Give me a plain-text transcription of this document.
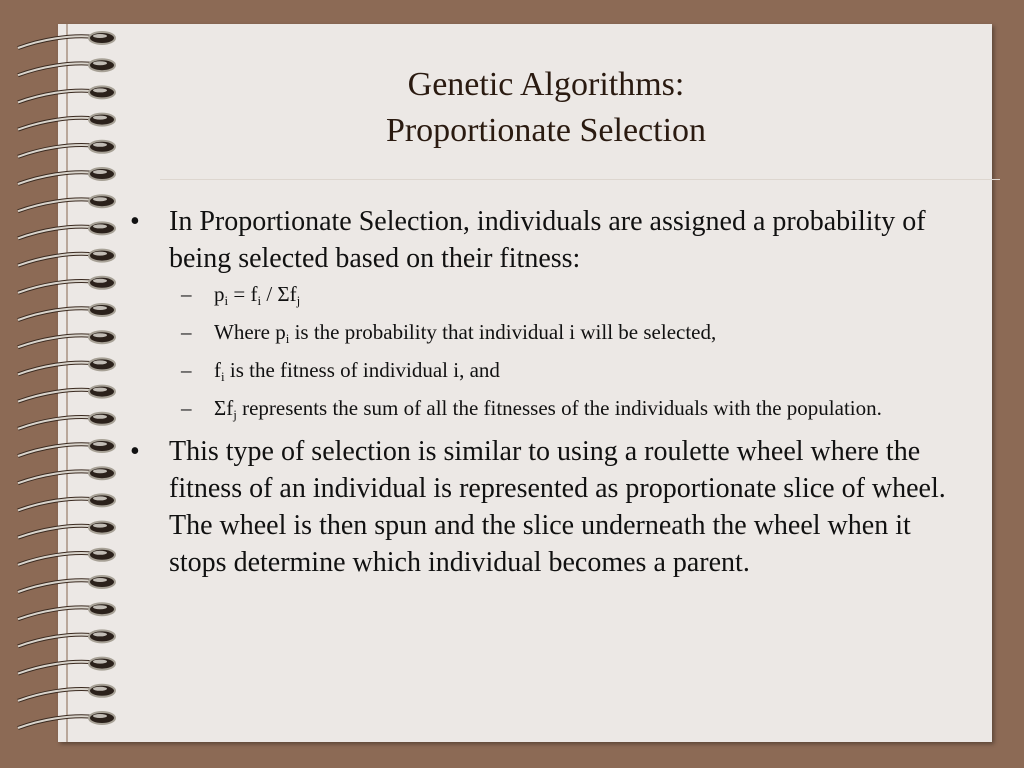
Genetic Algorithms:
Proportionate Selection
• In Proportionate Selection, individuals are assigned a probability of being selected based on their fitness:
– $p_i = f_i / \Sigma f_j$
– Where $p_i$ is the probability that individual i will be selected,
– $f_i$ is the fitness of individual i, and
– $\Sigma f_j$ represents the sum of all the fitnesses of the individuals with the population.
• This type of selection is similar to using a roulette wheel where the fitness of an individual is represented as proportionate slice of wheel. The wheel is then spun and the slice underneath the wheel when it stops determine which individual becomes a parent.
